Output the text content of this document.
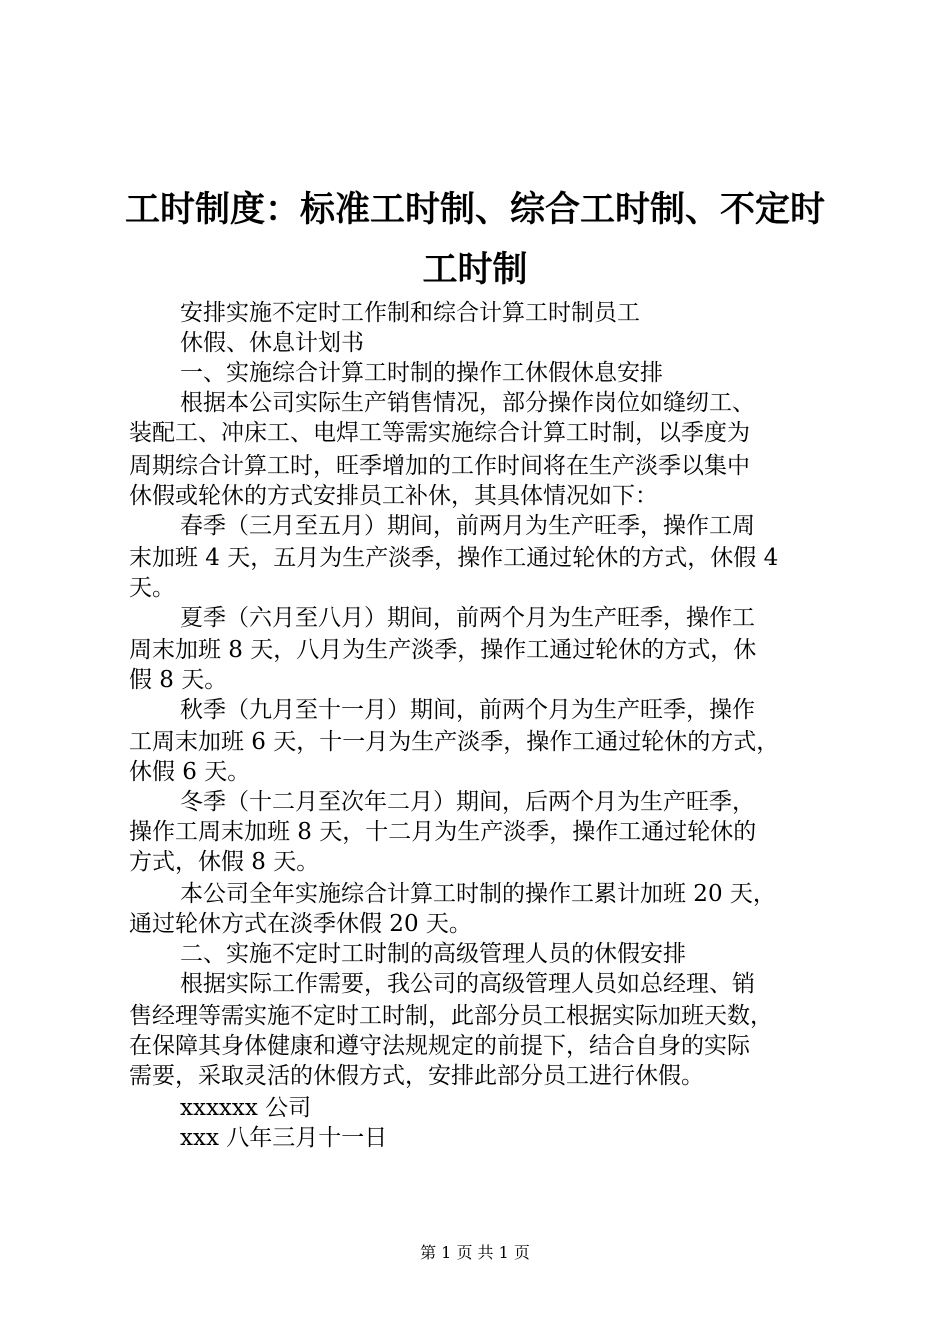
工时制度：标准工时制、综合工时制、不定时
工时制

安排实施不定时工作制和综合计算工时制员工

休假、休息计划书

一、实施综合计算工时制的操作工休假休息安排

根据本公司实际生产销售情况，部分操作岗位如缝纫工、

装配工、冲床工、电焊工等需实施综合计算工时制，以季度为

周期综合计算工时，旺季增加的工作时间将在生产淡季以集中

休假或轮休的方式安排员工补休，其具体情况如下：

春季（三月至五月）期间，前两月为生产旺季，操作工周

末加班 4 天，五月为生产淡季，操作工通过轮休的方式，休假 4

天。

夏季（六月至八月）期间，前两个月为生产旺季，操作工

周末加班 8 天，八月为生产淡季，操作工通过轮休的方式，休

假 8 天。

秋季（九月至十一月）期间，前两个月为生产旺季，操作

工周末加班 6 天，十一月为生产淡季，操作工通过轮休的方式，

休假 6 天。

冬季（十二月至次年二月）期间，后两个月为生产旺季，

操作工周末加班 8 天，十二月为生产淡季，操作工通过轮休的

方式，休假 8 天。

本公司全年实施综合计算工时制的操作工累计加班 20 天，

通过轮休方式在淡季休假 20 天。

二、实施不定时工时制的高级管理人员的休假安排

根据实际工作需要，我公司的高级管理人员如总经理、销

售经理等需实施不定时工时制，此部分员工根据实际加班天数，

在保障其身体健康和遵守法规规定的前提下，结合自身的实际

需要，采取灵活的休假方式，安排此部分员工进行休假。

xxxxxx 公司

xxx 八年三月十一日

第 1 页 共 1 页
